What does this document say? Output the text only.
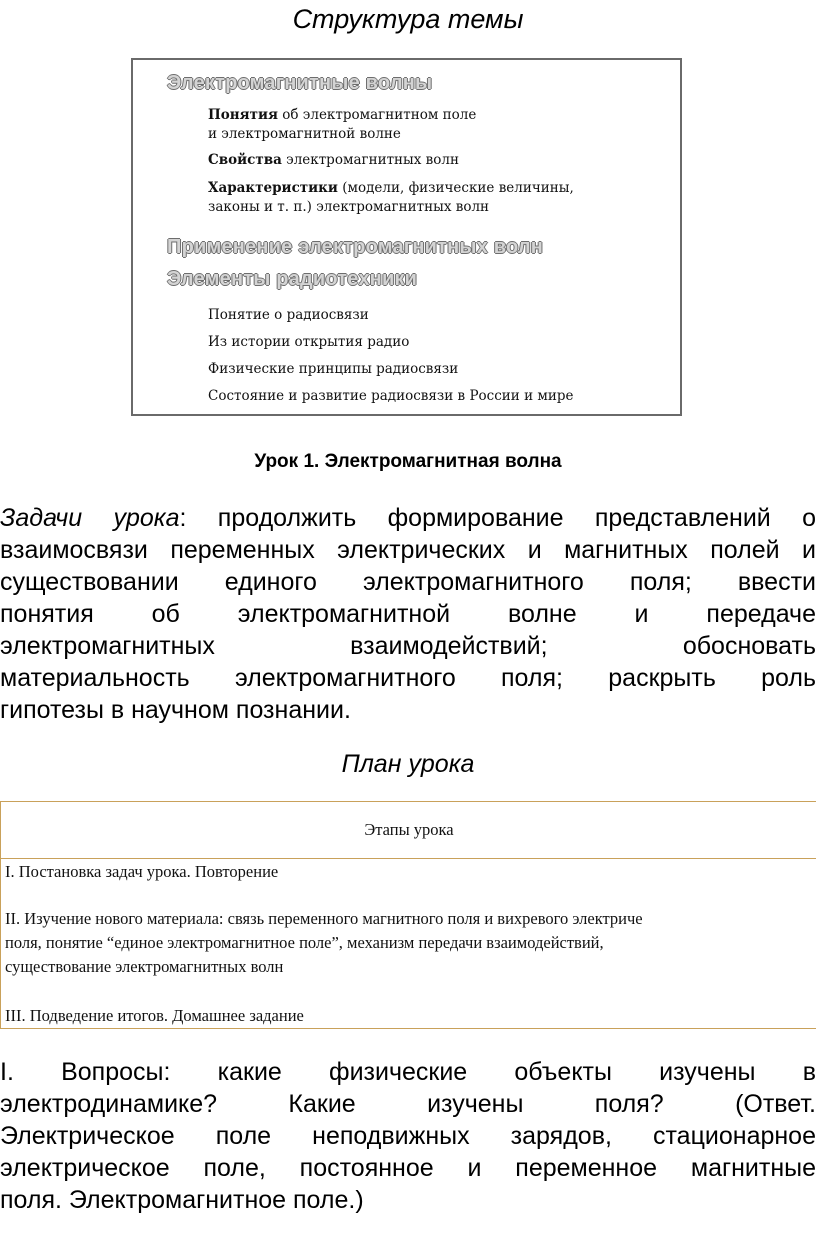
Структура темы
Электромагнитные волны
Понятия об электромагнитном поле
и электромагнитной волне
Свойства электромагнитных волн
Характеристики (модели, физические величины,
законы и т. п.) электромагнитных волн
Применение электромагнитных волн
Элементы радиотехники
Понятие о радиосвязи
Из истории открытия радио
Физические принципы радиосвязи
Состояние и развитие радиосвязи в России и мире
Урок 1. Электромагнитная волна
Задачи урока: продолжить формирование представлений о
взаимосвязи переменных электрических и магнитных полей и
существовании единого электромагнитного поля; ввести
понятия об электромагнитной волне и передаче
электромагнитных взаимодействий; обосновать
материальность электромагнитного поля; раскрыть роль
гипотезы в научном познании.
План урока
Этапы урока
I. Постановка задач урока. Повторение
II. Изучение нового материала: связь переменного магнитного поля и вихревого электриче
поля, понятие “единое электромагнитное поле”, механизм передачи взаимодействий,
существование электромагнитных волн
III. Подведение итогов. Домашнее задание
I. Вопросы: какие физические объекты изучены в
электродинамике? Какие изучены поля? (Ответ.
Электрическое поле неподвижных зарядов, стационарное
электрическое поле, постоянное и переменное магнитные
поля. Электромагнитное поле.)
